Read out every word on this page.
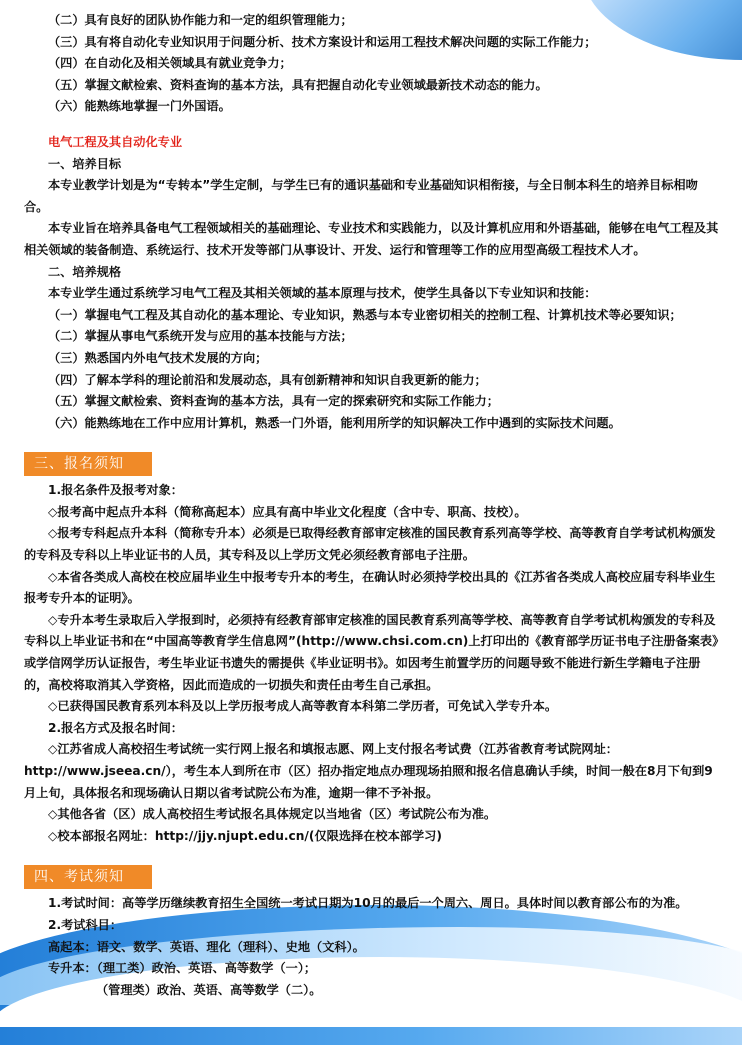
（二）具有良好的团队协作能力和一定的组织管理能力；
（三）具有将自动化专业知识用于问题分析、技术方案设计和运用工程技术解决问题的实际工作能力；
（四）在自动化及相关领域具有就业竞争力；
（五）掌握文献检索、资料查询的基本方法，具有把握自动化专业领域最新技术动态的能力。
（六）能熟练地掌握一门外国语。
电气工程及其自动化专业
一、培养目标
本专业教学计划是为“专转本”学生定制，与学生已有的通识基础和专业基础知识相衔接，与全日制本科生的培养目标相吻合。
本专业旨在培养具备电气工程领域相关的基础理论、专业技术和实践能力，以及计算机应用和外语基础，能够在电气工程及其相关领域的装备制造、系统运行、技术开发等部门从事设计、开发、运行和管理等工作的应用型高级工程技术人才。
二、培养规格
本专业学生通过系统学习电气工程及其相关领域的基本原理与技术，使学生具备以下专业知识和技能：
（一）掌握电气工程及其自动化的基本理论、专业知识，熟悉与本专业密切相关的控制工程、计算机技术等必要知识；
（二）掌握从事电气系统开发与应用的基本技能与方法；
（三）熟悉国内外电气技术发展的方向；
（四）了解本学科的理论前沿和发展动态，具有创新精神和知识自我更新的能力；
（五）掌握文献检索、资料查询的基本方法，具有一定的探索研究和实际工作能力；
（六）能熟练地在工作中应用计算机，熟悉一门外语，能利用所学的知识解决工作中遇到的实际技术问题。
三、报名须知
1.报名条件及报考对象：
◇报考高中起点升本科（简称高起本）应具有高中毕业文化程度（含中专、职高、技校）。
◇报考专科起点升本科（简称专升本）必须是已取得经教育部审定核准的国民教育系列高等学校、高等教育自学考试机构颁发的专科及专科以上毕业证书的人员，其专科及以上学历文凭必须经教育部电子注册。
◇本省各类成人高校在校应届毕业生中报考专升本的考生，在确认时必须持学校出具的《江苏省各类成人高校应届专科毕业生报考专升本的证明》。
◇专升本考生录取后入学报到时，必须持有经教育部审定核准的国民教育系列高等学校、高等教育自学考试机构颁发的专科及专科以上毕业证书和在“中国高等教育学生信息网”(http://www.chsi.com.cn)上打印出的《教育部学历证书电子注册备案表》或学信网学历认证报告，考生毕业证书遗失的需提供《毕业证明书》。如因考生前置学历的问题导致不能进行新生学籍电子注册的，高校将取消其入学资格，因此而造成的一切损失和责任由考生自己承担。
◇已获得国民教育系列本科及以上学历报考成人高等教育本科第二学历者，可免试入学专升本。
2.报名方式及报名时间：
◇江苏省成人高校招生考试统一实行网上报名和填报志愿、网上支付报名考试费（江苏省教育考试院网址：http://www.jseea.cn/），考生本人到所在市（区）招办指定地点办理现场拍照和报名信息确认手续，时间一般在8月下旬到9月上旬，具体报名和现场确认日期以省考试院公布为准，逾期一律不予补报。
◇其他各省（区）成人高校招生考试报名具体规定以当地省（区）考试院公布为准。
◇校本部报名网址：http://jjy.njupt.edu.cn/(仅限选择在校本部学习)
四、考试须知
1.考试时间：高等学历继续教育招生全国统一考试日期为10月的最后一个周六、周日。具体时间以教育部公布的为准。
2.考试科目：
高起本：语文、数学、英语、理化（理科）、史地（文科）。
专升本：（理工类）政治、英语、高等数学（一）；
（管理类）政治、英语、高等数学（二）。
